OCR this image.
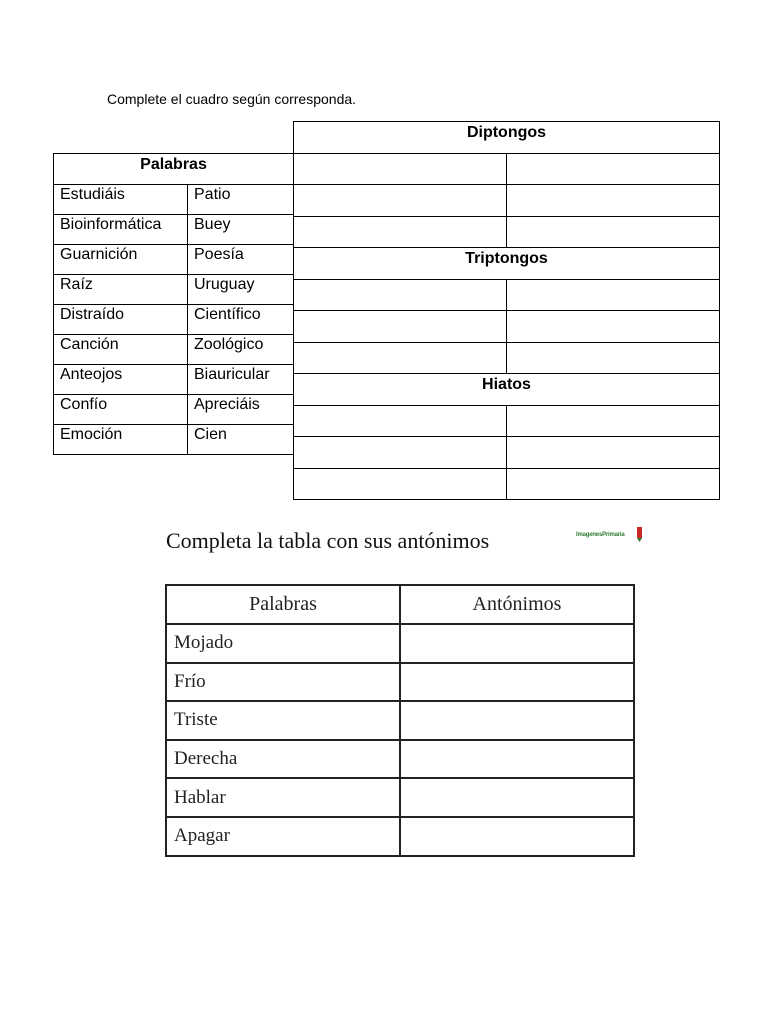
Complete el cuadro según corresponda.
Diptongos	

Triptongos	

Hiatos	

Palabras	
Estudiáis	Patio
Bioinformática	Buey
Guarnición	Poesía
Raíz	Uruguay
Distraído	Científico
Canción	Zoológico
Anteojos	Biauricular
Confío	Apreciáis
Emoción	Cien
Completa la tabla con sus antónimos	ImagenesPrimaria
Palabras	Antónimos
Mojado	
Frío	
Triste	
Derecha	
Hablar	
Apagar	
